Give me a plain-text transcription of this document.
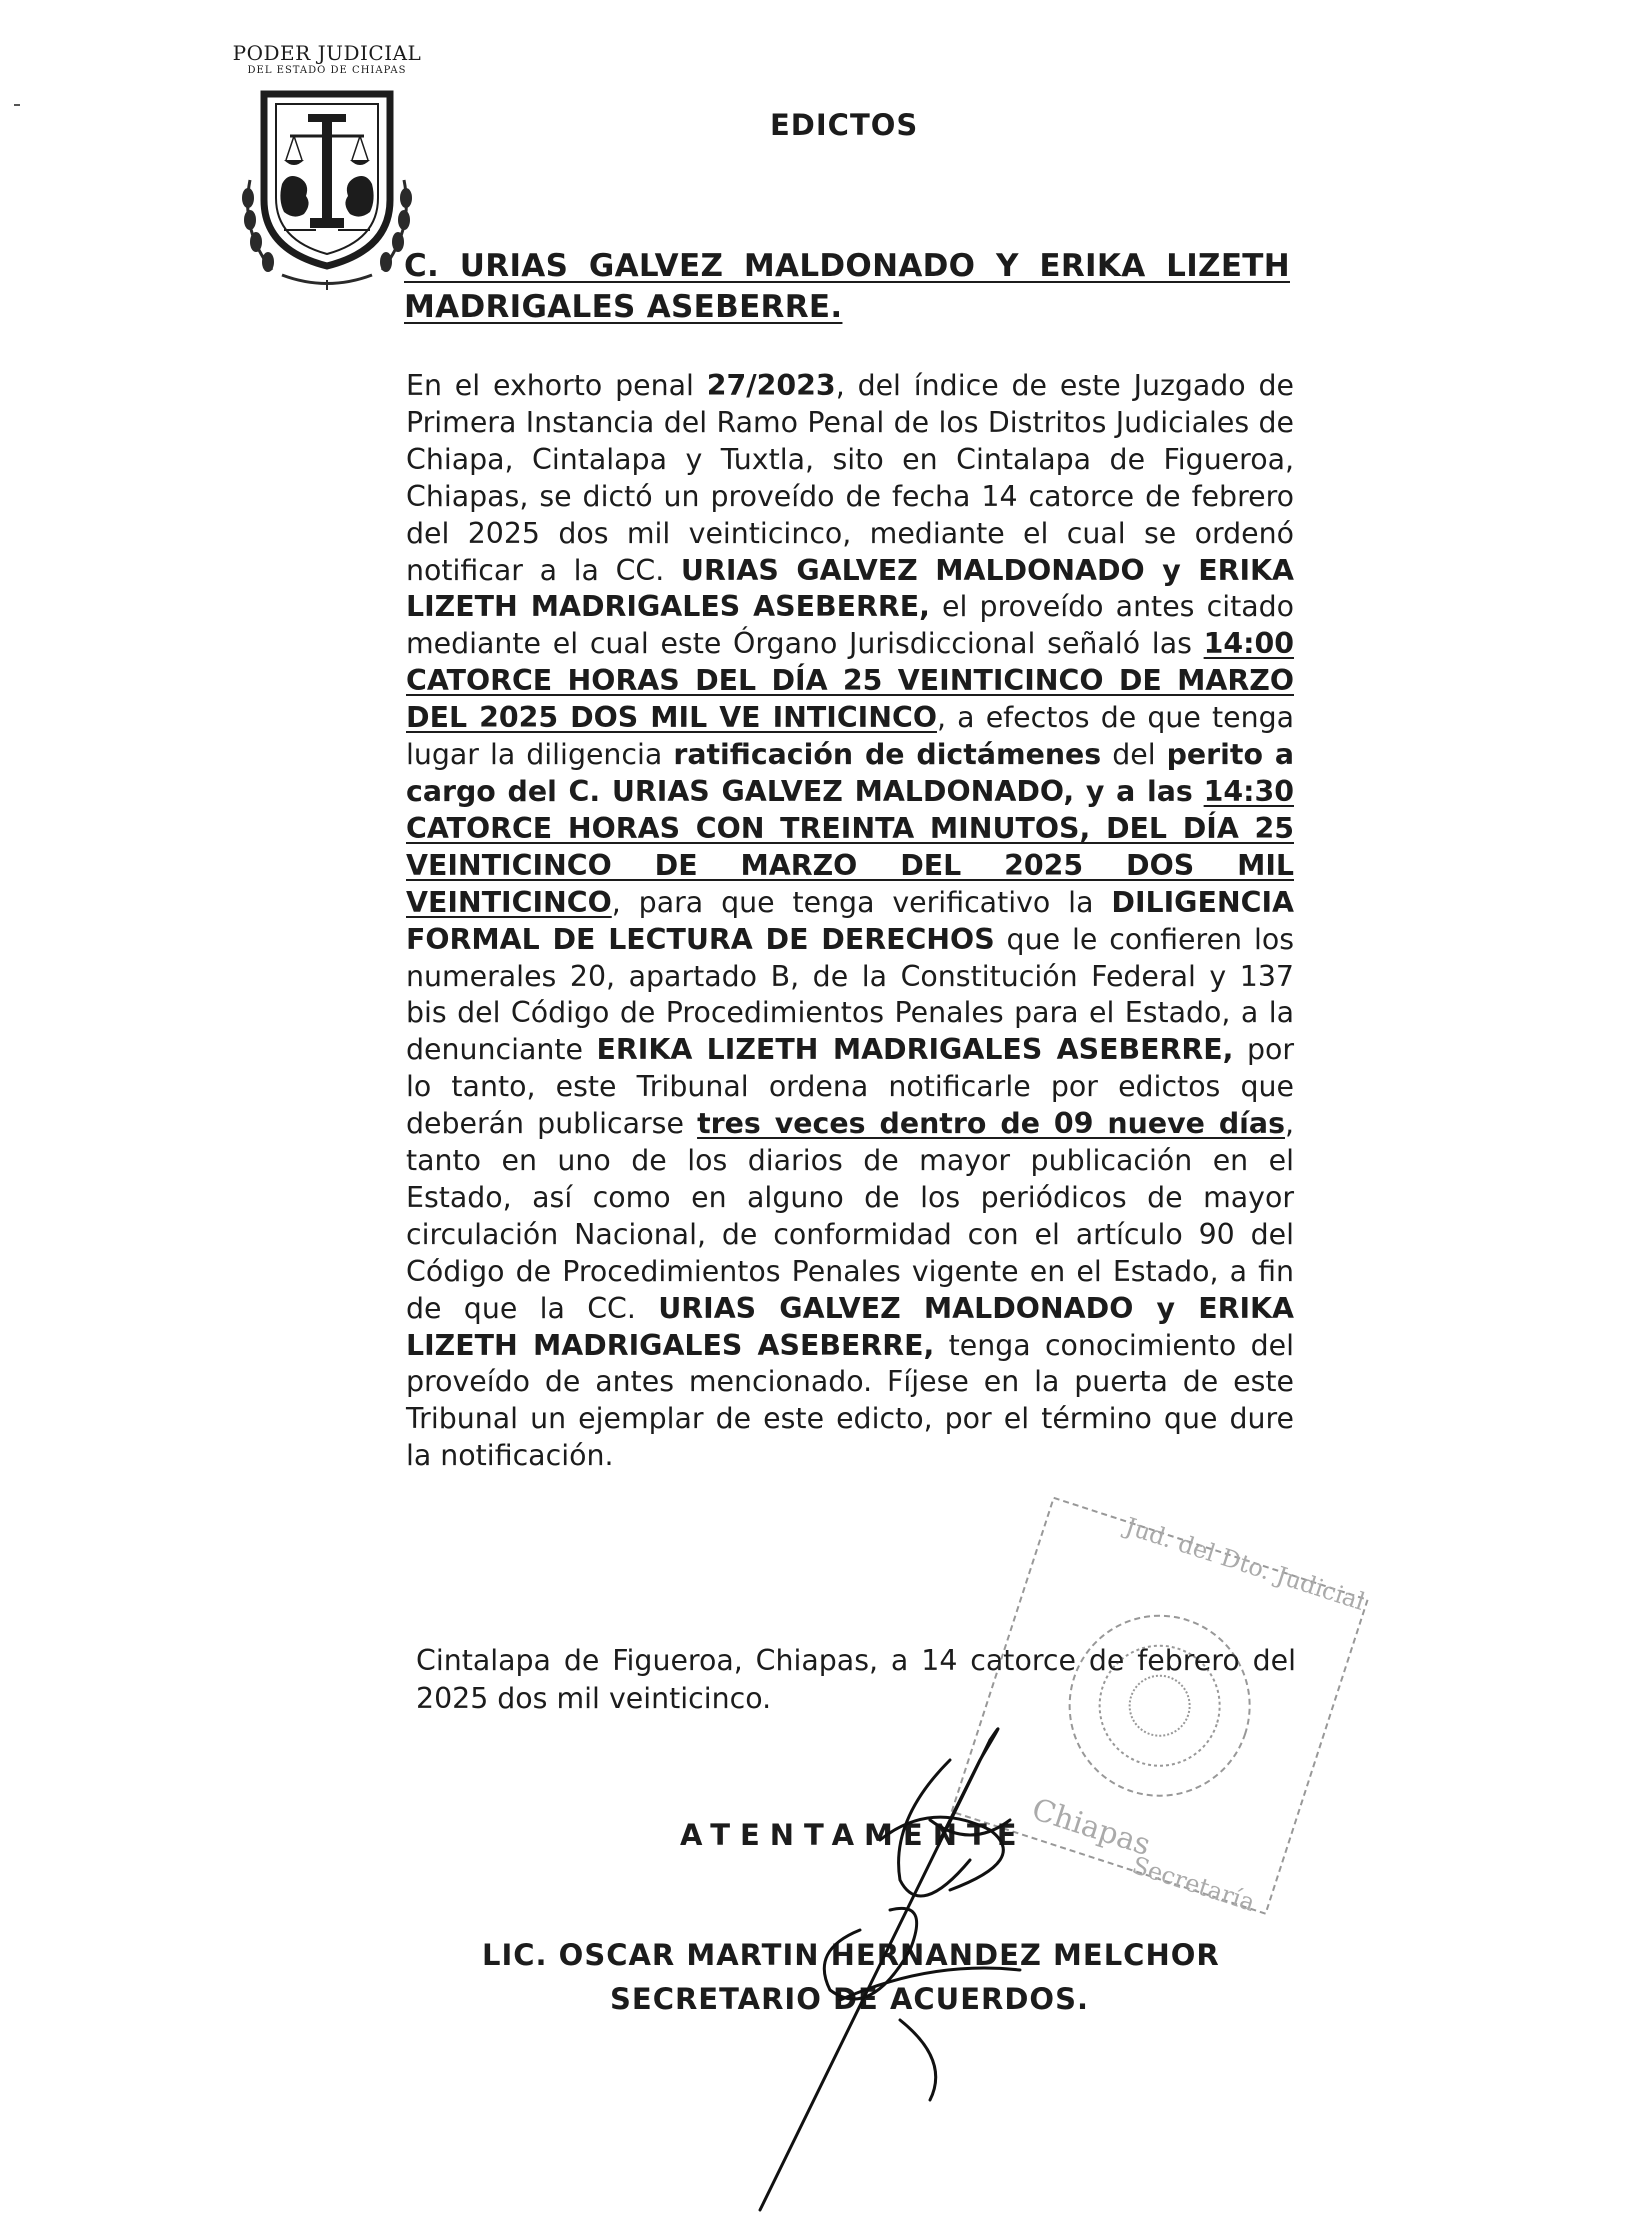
PODER JUDICIAL
DEL ESTADO DE CHIAPAS
EDICTOS
C. URIAS GALVEZ MALDONADO Y ERIKA LIZETH
MADRIGALES ASEBERRE.
En el exhorto penal 27/2023, del índice de este Juzgado de Primera Instancia del Ramo Penal de los Distritos Judiciales de Chiapa, Cintalapa y Tuxtla, sito en Cintalapa de Figueroa, Chiapas, se dictó un proveído de fecha 14 catorce de febrero del 2025 dos mil veinticinco, mediante el cual se ordenó notificar a la CC. URIAS GALVEZ MALDONADO y ERIKA LIZETH MADRIGALES ASEBERRE, el proveído antes citado mediante el cual este Órgano Jurisdiccional señaló las 14:00 CATORCE HORAS DEL DÍA 25 VEINTICINCO DE MARZO DEL 2025 DOS MIL VE INTICINCO, a efectos de que tenga lugar la diligencia ratificación de dictámenes del perito a cargo del C. URIAS GALVEZ MALDONADO, y a las 14:30 CATORCE HORAS CON TREINTA MINUTOS, DEL DÍA 25 VEINTICINCO DE MARZO DEL 2025 DOS MIL VEINTICINCO, para que tenga verificativo la DILIGENCIA FORMAL DE LECTURA DE DERECHOS que le confieren los numerales 20, apartado B, de la Constitución Federal y 137 bis del Código de Procedimientos Penales para el Estado, a la denunciante ERIKA LIZETH MADRIGALES ASEBERRE, por lo tanto, este Tribunal ordena notificarle por edictos que deberán publicarse tres veces dentro de 09 nueve días, tanto en uno de los diarios de mayor publicación en el Estado, así como en alguno de los periódicos de mayor circulación Nacional, de conformidad con el artículo 90 del Código de Procedimientos Penales vigente en el Estado, a fin de que la CC. URIAS GALVEZ MALDONADO y ERIKA LIZETH MADRIGALES ASEBERRE, tenga conocimiento del proveído de antes mencionado. Fíjese en la puerta de este Tribunal un ejemplar de este edicto, por el término que dure la notificación.
Cintalapa de Figueroa, Chiapas, a 14 catorce de febrero del 2025 dos mil veinticinco.
Jud. del Dto. Judicial
Chiapas
Secretaría
ATENTAMENTE
LIC. OSCAR MARTIN HERNANDEZ MELCHOR
SECRETARIO DE ACUERDOS.
